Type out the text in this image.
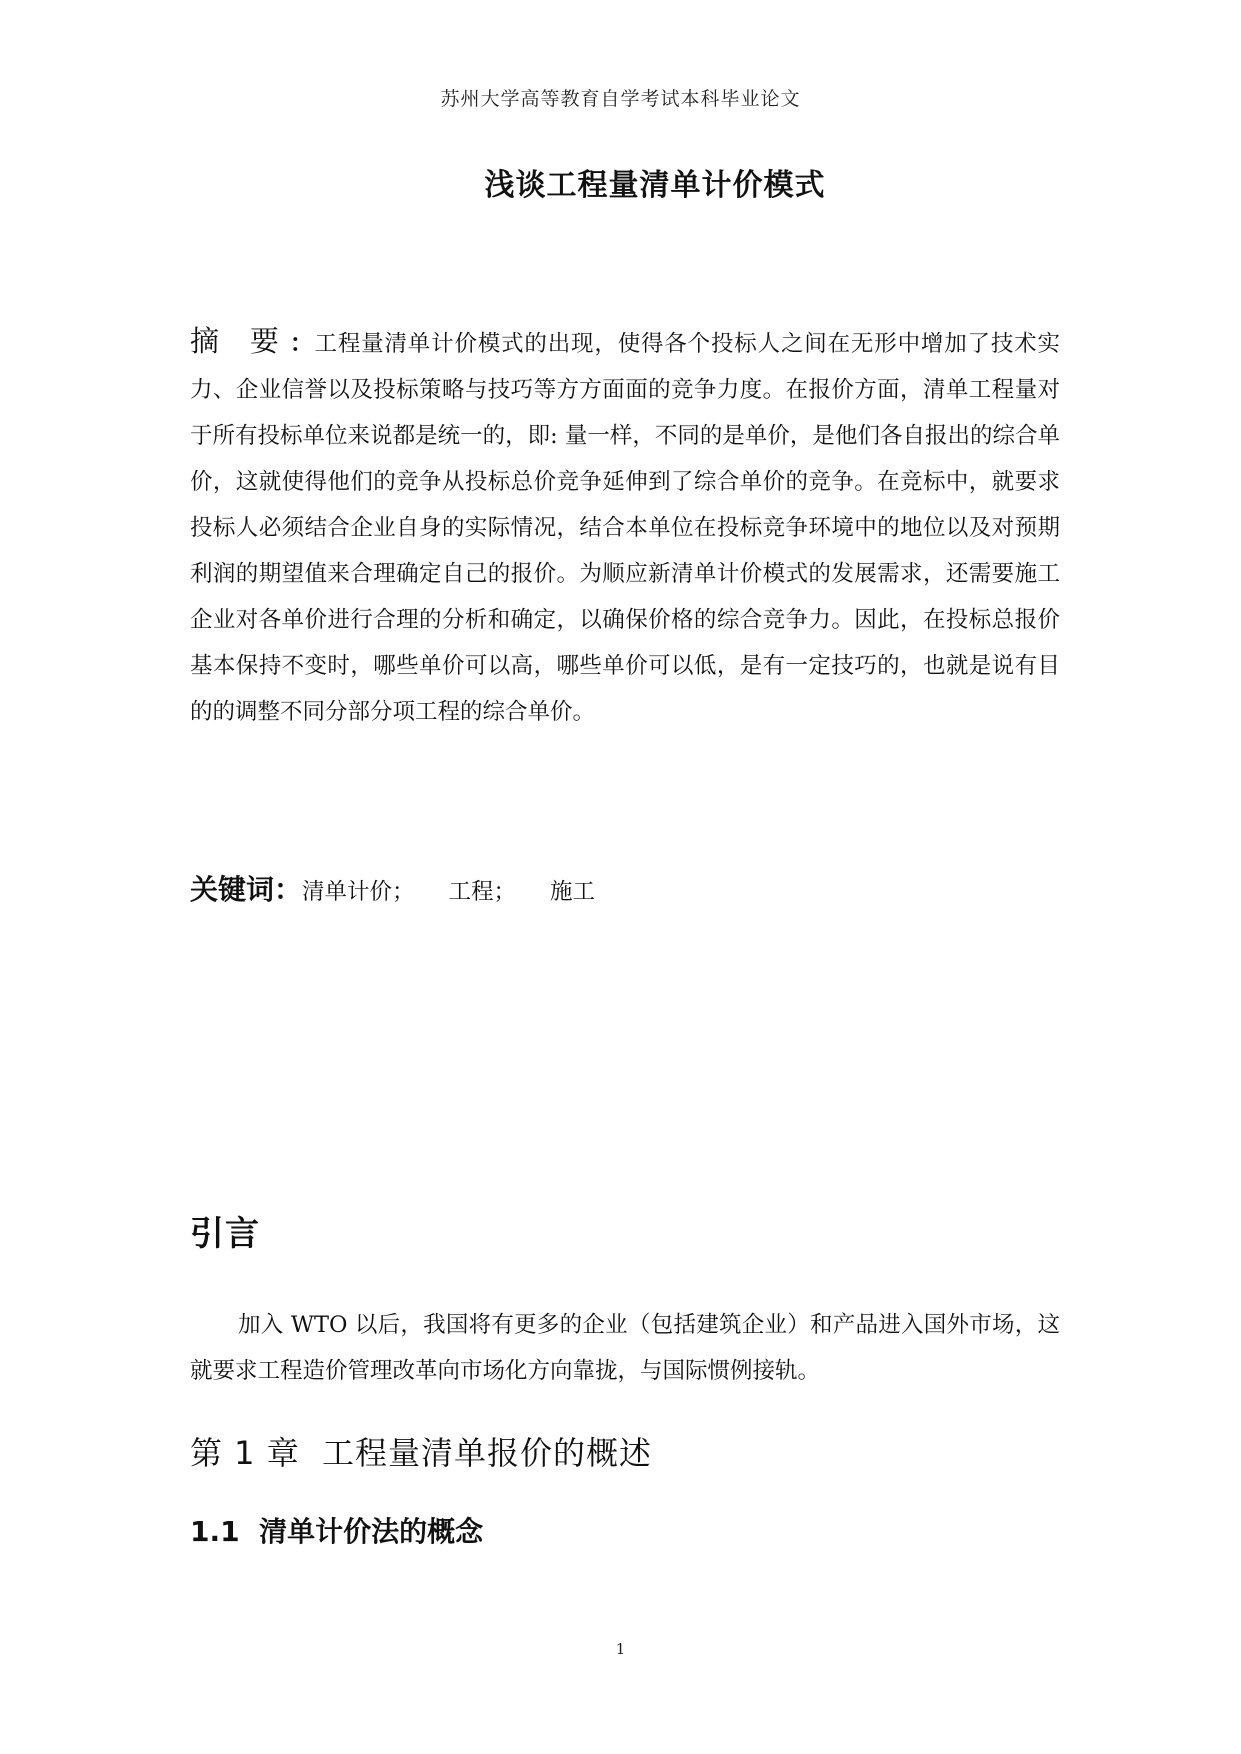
苏州大学高等教育自学考试本科毕业论文
浅谈工程量清单计价模式
摘 要：工程量清单计价模式的出现，使得各个投标人之间在无形中增加了技术实力、企业信誉以及投标策略与技巧等方方面面的竞争力度。在报价方面，清单工程量对于所有投标单位来说都是统一的，即: 量一样，不同的是单价，是他们各自报出的综合单价，这就使得他们的竞争从投标总价竞争延伸到了综合单价的竞争。在竞标中，就要求投标人必须结合企业自身的实际情况，结合本单位在投标竞争环境中的地位以及对预期利润的期望值来合理确定自己的报价。为顺应新清单计价模式的发展需求，还需要施工企业对各单价进行合理的分析和确定，以确保价格的综合竞争力。因此，在投标总报价基本保持不变时，哪些单价可以高，哪些单价可以低，是有一定技巧的，也就是说有目的的调整不同分部分项工程的综合单价。
关键词：清单计价； 工程； 施工
引言
加入 WTO 以后，我国将有更多的企业（包括建筑企业）和产品进入国外市场，这就要求工程造价管理改革向市场化方向靠拢，与国际惯例接轨。
第 1 章  工程量清单报价的概述
1.1  清单计价法的概念
1
